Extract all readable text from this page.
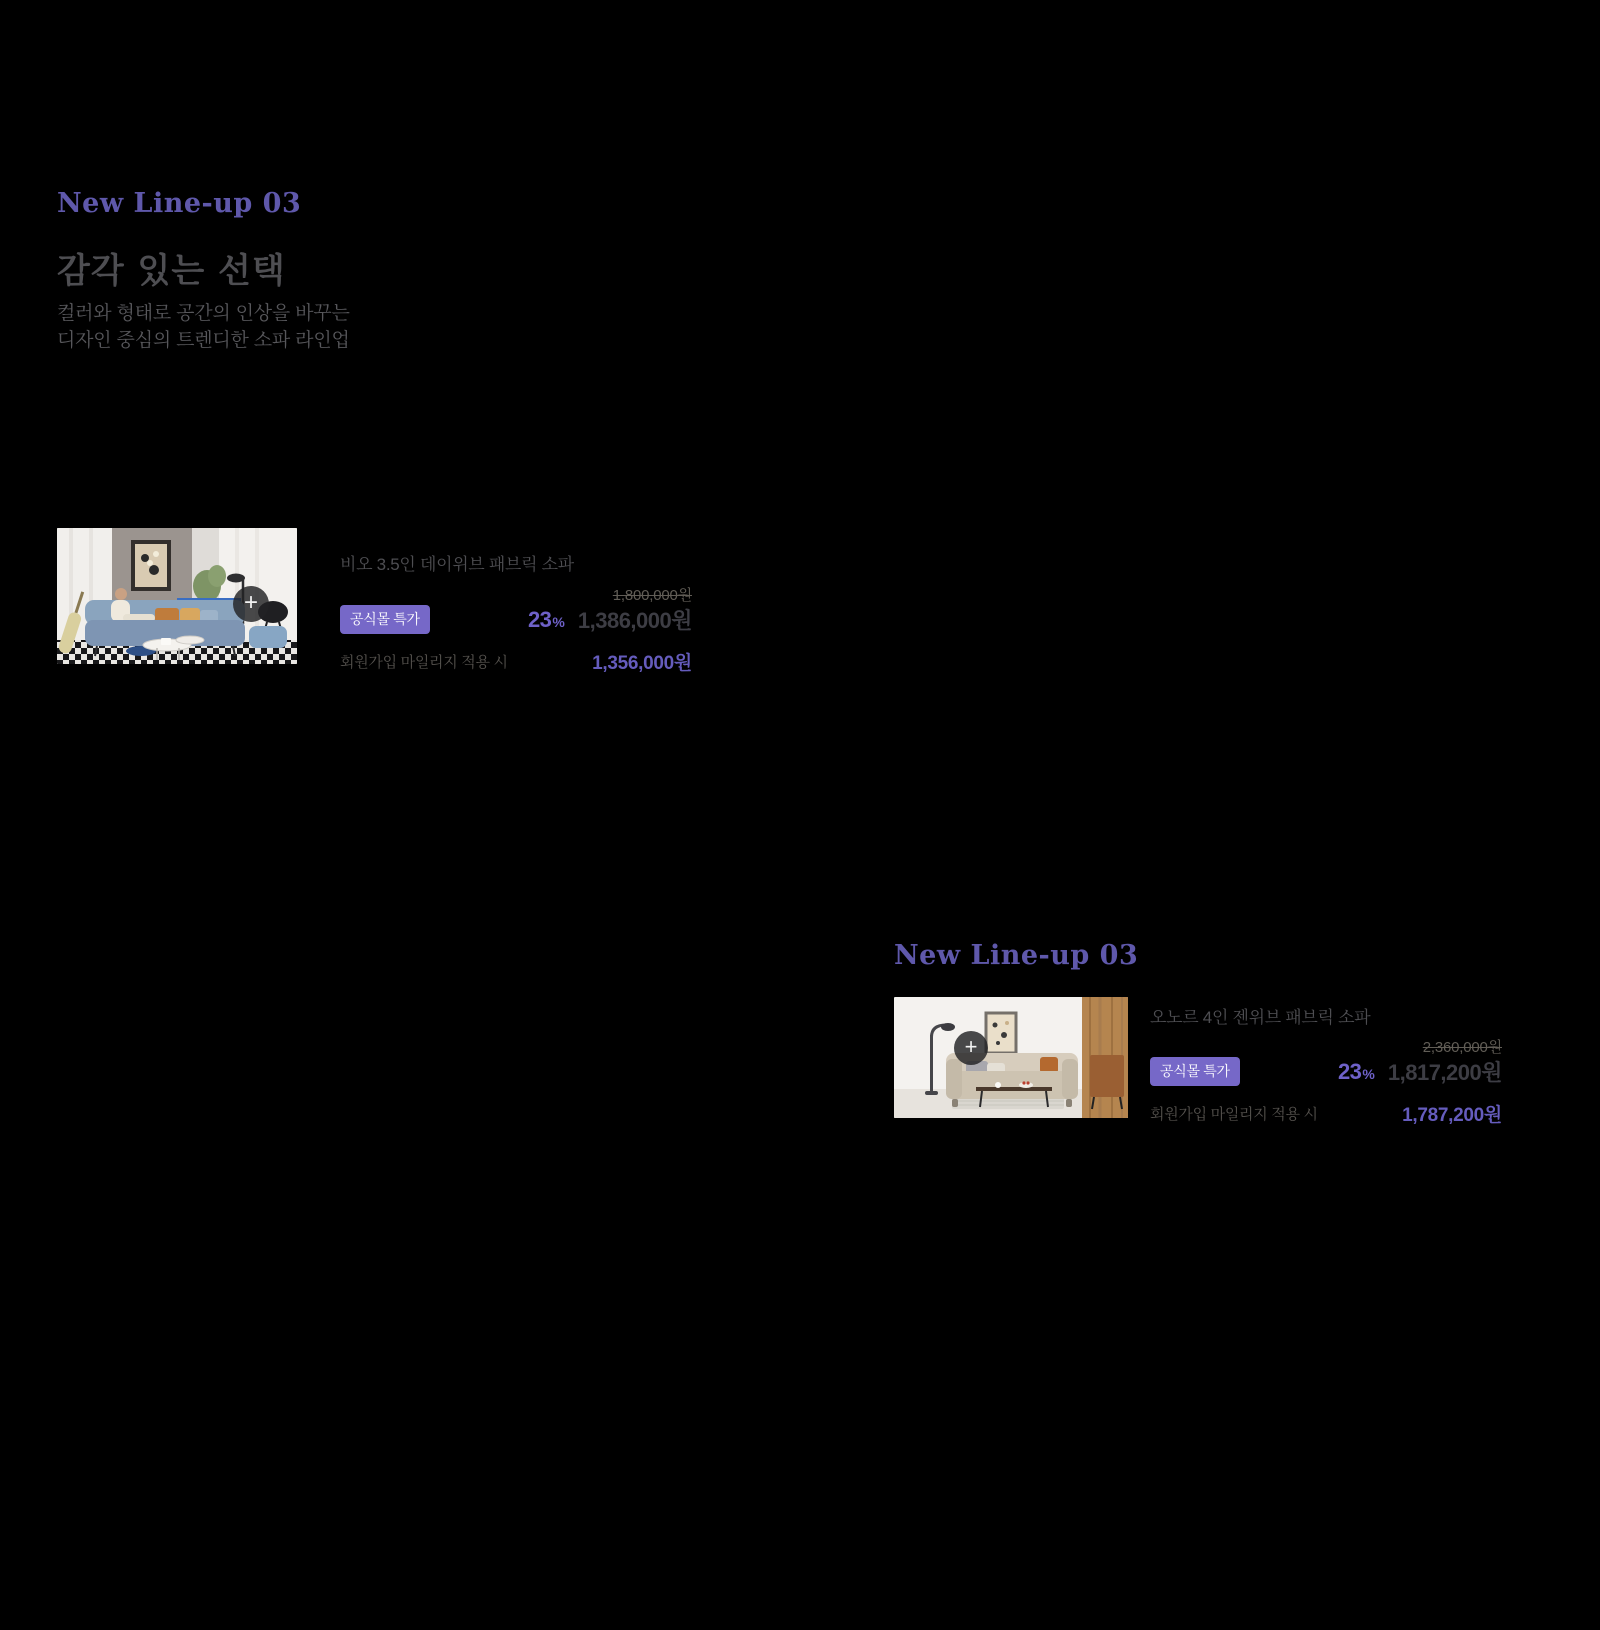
New Line-up 03
감각 있는 선택
컬러와 형태로 공간의 인상을 바꾸는
디자인 중심의 트렌디한 소파 라인업
+
비오 3.5인 데이위브 패브릭 소파
1,800,000원
공식몰 특가	23 % 1,386,000원
회원가입 마일리지 적용 시	1,356,000원
New Line-up 03
+
오노르 4인 젠위브 패브릭 소파
2,360,000원
공식몰 특가	23 % 1,817,200원
회원가입 마일리지 적용 시	1,787,200원
